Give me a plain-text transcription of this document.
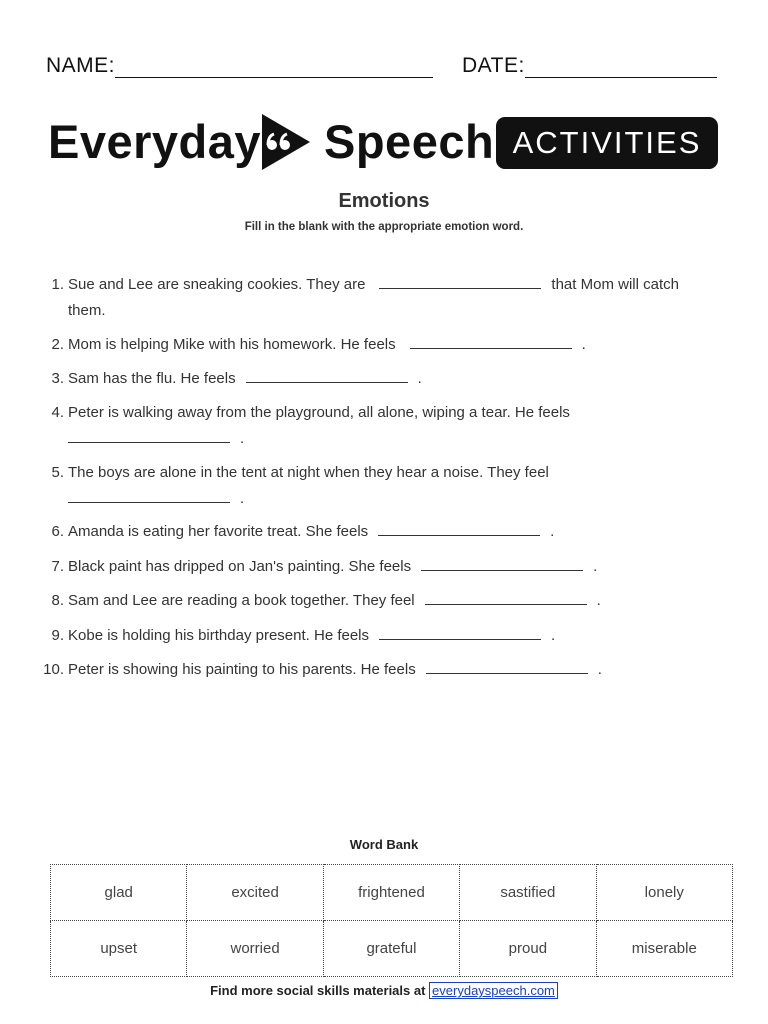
NAME:	DATE:
Everyday Speech ACTIVITIES
Emotions
Fill in the blank with the appropriate emotion word.
1. Sue and Lee are sneaking cookies. They are	that Mom will catch them.
2. Mom is helping Mike with his homework. He feels	.
3. Sam has the flu. He feels	.
4. Peter is walking away from the playground, all alone, wiping a tear. He feels
.
5. The boys are alone in the tent at night when they hear a noise. They feel
.
6. Amanda is eating her favorite treat. She feels	.
7. Black paint has dripped on Jan's painting. She feels	.
8. Sam and Lee are reading a book together. They feel	.
9. Kobe is holding his birthday present. He feels	.
10. Peter is showing his painting to his parents. He feels	.
Word Bank
glad	excited	frightened	sastified	lonely
upset	worried	grateful	proud	miserable
Find more social skills materials at everydayspeech.com
